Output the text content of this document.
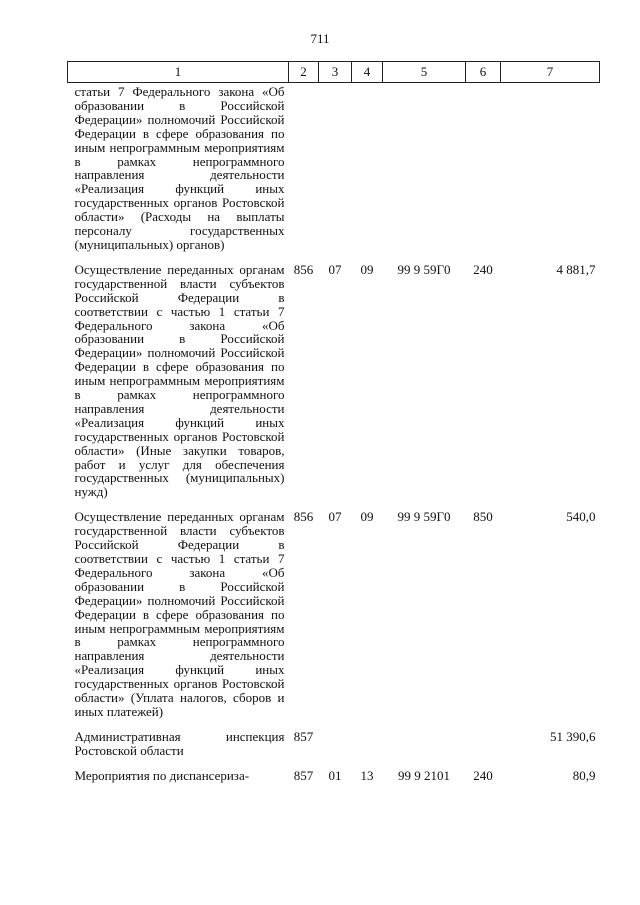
711
1	2	3	4	5	6	7
статьи 7 Федерального закона «Об образовании в Российской Федерации» полномочий Российской Федерации в сфере образования по иным непрограммным мероприятиям в рамках непрограммного направления деятельности «Реализация функций иных государственных органов Ростовской области» (Расходы на выплаты персоналу государственных (муниципальных) органов)						
Осуществление переданных органам государственной власти субъектов Российской Федерации в соответствии с частью 1 статьи 7 Федерального закона «Об образовании в Российской Федерации» полномочий Российской Федерации в сфере образования по иным непрограммным мероприятиям в рамках непрограммного направления деятельности «Реализация функций иных государственных органов Ростовской области» (Иные закупки товаров, работ и услуг для обеспечения государственных (муниципальных) нужд)	856	07	09	99 9 59Г0	240	4 881,7
Осуществление переданных органам государственной власти субъектов Российской Федерации в соответствии с частью 1 статьи 7 Федерального закона «Об образовании в Российской Федерации» полномочий Российской Федерации в сфере образования по иным непрограммным мероприятиям в рамках непрограммного направления деятельности «Реализация функций иных государственных органов Ростовской области» (Уплата налогов, сборов и иных платежей)	856	07	09	99 9 59Г0	850	540,0
Административная инспекция Ростовской области	857					51 390,6
Мероприятия по диспансериза-	857	01	13	99 9 2101	240	80,9
